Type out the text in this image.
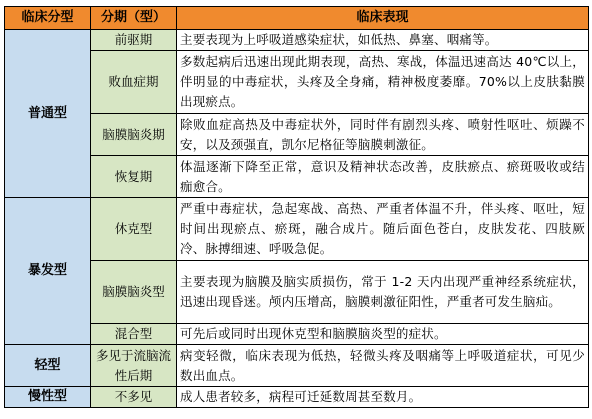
临床分型	分期（型）	临床表现
普通型	前驱期	主要表现为上呼吸道感染症状，如低热、鼻塞、咽痛等。
	败血症期	多数起病后迅速出现此期表现，高热、寒战，体温迅速高达 40℃以上，伴明显的中毒症状，头疼及全身痛，精神极度萎靡。70%以上皮肤黏膜出现瘀点。
	脑膜脑炎期	除败血症高热及中毒症状外，同时伴有剧烈头疼、喷射性呕吐、烦躁不安，以及颈强直，凯尔尼格征等脑膜刺激征。
	恢复期	体温逐渐下降至正常，意识及精神状态改善，皮肤瘀点、瘀斑吸收或结痂愈合。
暴发型	休克型	严重中毒症状，急起寒战、高热、严重者体温不升，伴头疼、呕吐，短时间出现瘀点、瘀斑，融合成片。随后面色苍白，皮肤发花、四肢厥冷、脉搏细速、呼吸急促。
	脑膜脑炎型	主要表现为脑膜及脑实质损伤，常于 1-2 天内出现严重神经系统症状，迅速出现昏迷。颅内压增高，脑膜刺激征阳性，严重者可发生脑疝。
	混合型	可先后或同时出现休克型和脑膜脑炎型的症状。
轻型	多见于流脑流性后期	病变轻微，临床表现为低热，轻微头疼及咽痛等上呼吸道症状，可见少数出血点。
慢性型	不多见	成人患者较多，病程可迁延数周甚至数月。
